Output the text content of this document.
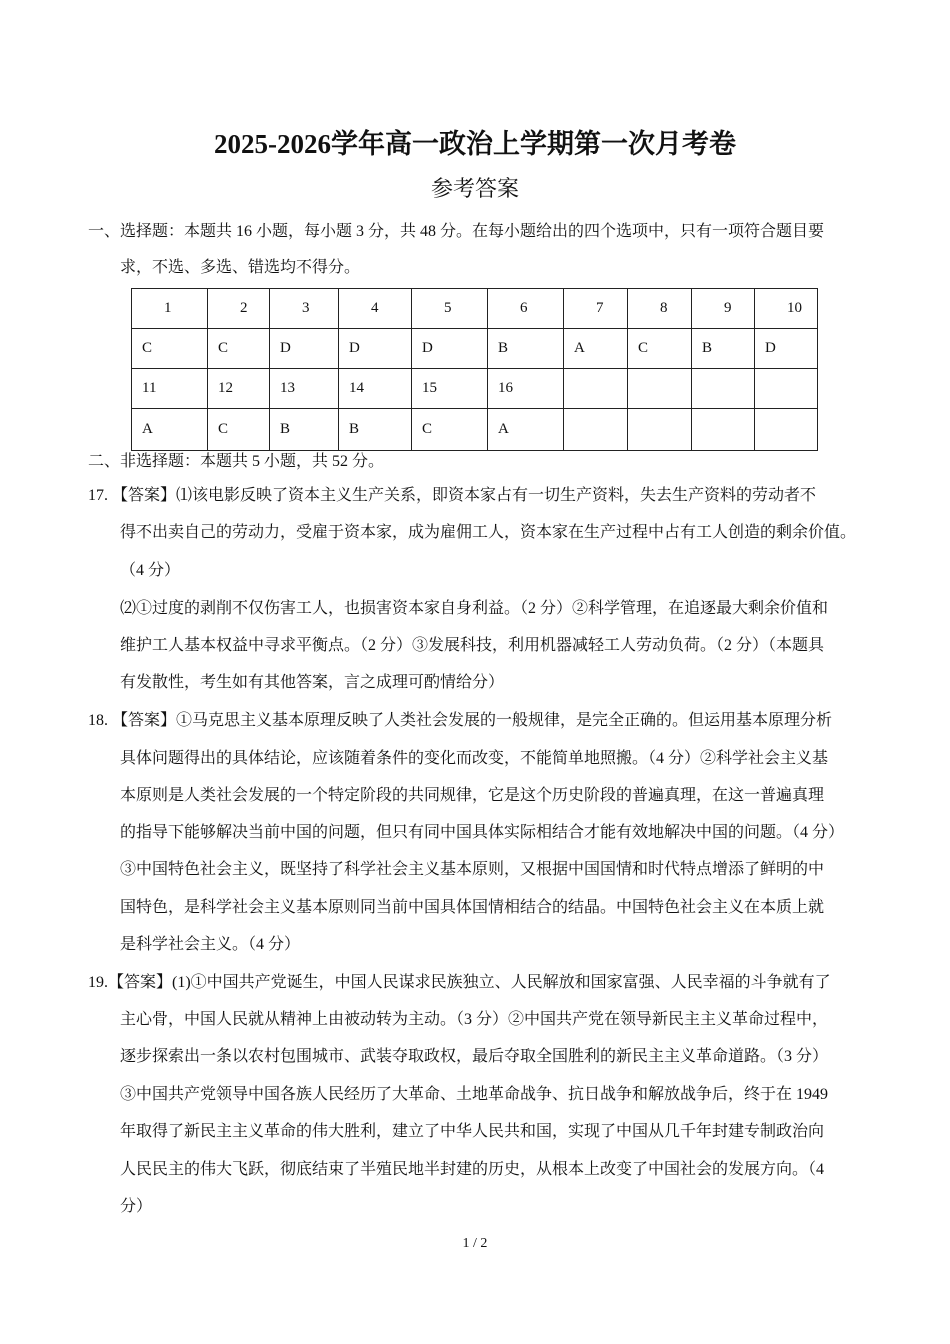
2025-2026学年高一政治上学期第一次月考卷
参考答案
一、选择题：本题共 16 小题，每小题 3 分，共 48 分。在每小题给出的四个选项中，只有一项符合题目要
求，不选、多选、错选均不得分。
二、非选择题：本题共 5 小题，共 52 分。
17. 【答案】⑴该电影反映了资本主义生产关系，即资本家占有一切生产资料，失去生产资料的劳动者不
得不出卖自己的劳动力，受雇于资本家，成为雇佣工人，资本家在生产过程中占有工人创造的剩余价值。
（4 分）
⑵①过度的剥削不仅伤害工人，也损害资本家自身利益。（2 分）②科学管理，在追逐最大剩余价值和
维护工人基本权益中寻求平衡点。（2 分）③发展科技，利用机器减轻工人劳动负荷。（2 分）（本题具
有发散性，考生如有其他答案，言之成理可酌情给分）
18. 【答案】①马克思主义基本原理反映了人类社会发展的一般规律，是完全正确的。但运用基本原理分析
具体问题得出的具体结论，应该随着条件的变化而改变，不能简单地照搬。（4 分）②科学社会主义基
本原则是人类社会发展的一个特定阶段的共同规律，它是这个历史阶段的普遍真理，在这一普遍真理
的指导下能够解决当前中国的问题，但只有同中国具体实际相结合才能有效地解决中国的问题。（4 分）
③中国特色社会主义，既坚持了科学社会主义基本原则，又根据中国国情和时代特点增添了鲜明的中
国特色，是科学社会主义基本原则同当前中国具体国情相结合的结晶。中国特色社会主义在本质上就
是科学社会主义。（4 分）
19.【答案】(1)①中国共产党诞生，中国人民谋求民族独立、人民解放和国家富强、人民幸福的斗争就有了
主心骨，中国人民就从精神上由被动转为主动。（3 分）②中国共产党在领导新民主主义革命过程中，
逐步探索出一条以农村包围城市、武装夺取政权，最后夺取全国胜利的新民主主义革命道路。（3 分）
③中国共产党领导中国各族人民经历了大革命、土地革命战争、抗日战争和解放战争后，终于在 1949
年取得了新民主主义革命的伟大胜利，建立了中华人民共和国，实现了中国从几千年封建专制政治向
人民民主的伟大飞跃，彻底结束了半殖民地半封建的历史，从根本上改变了中国社会的发展方向。（4
分）
1	2	3	4	5	6	7	8	9	10
C	C	D	D	D	B	A	C	B	D
11	12	13	14	15	16				
A	C	B	B	C	A				
1 / 2
